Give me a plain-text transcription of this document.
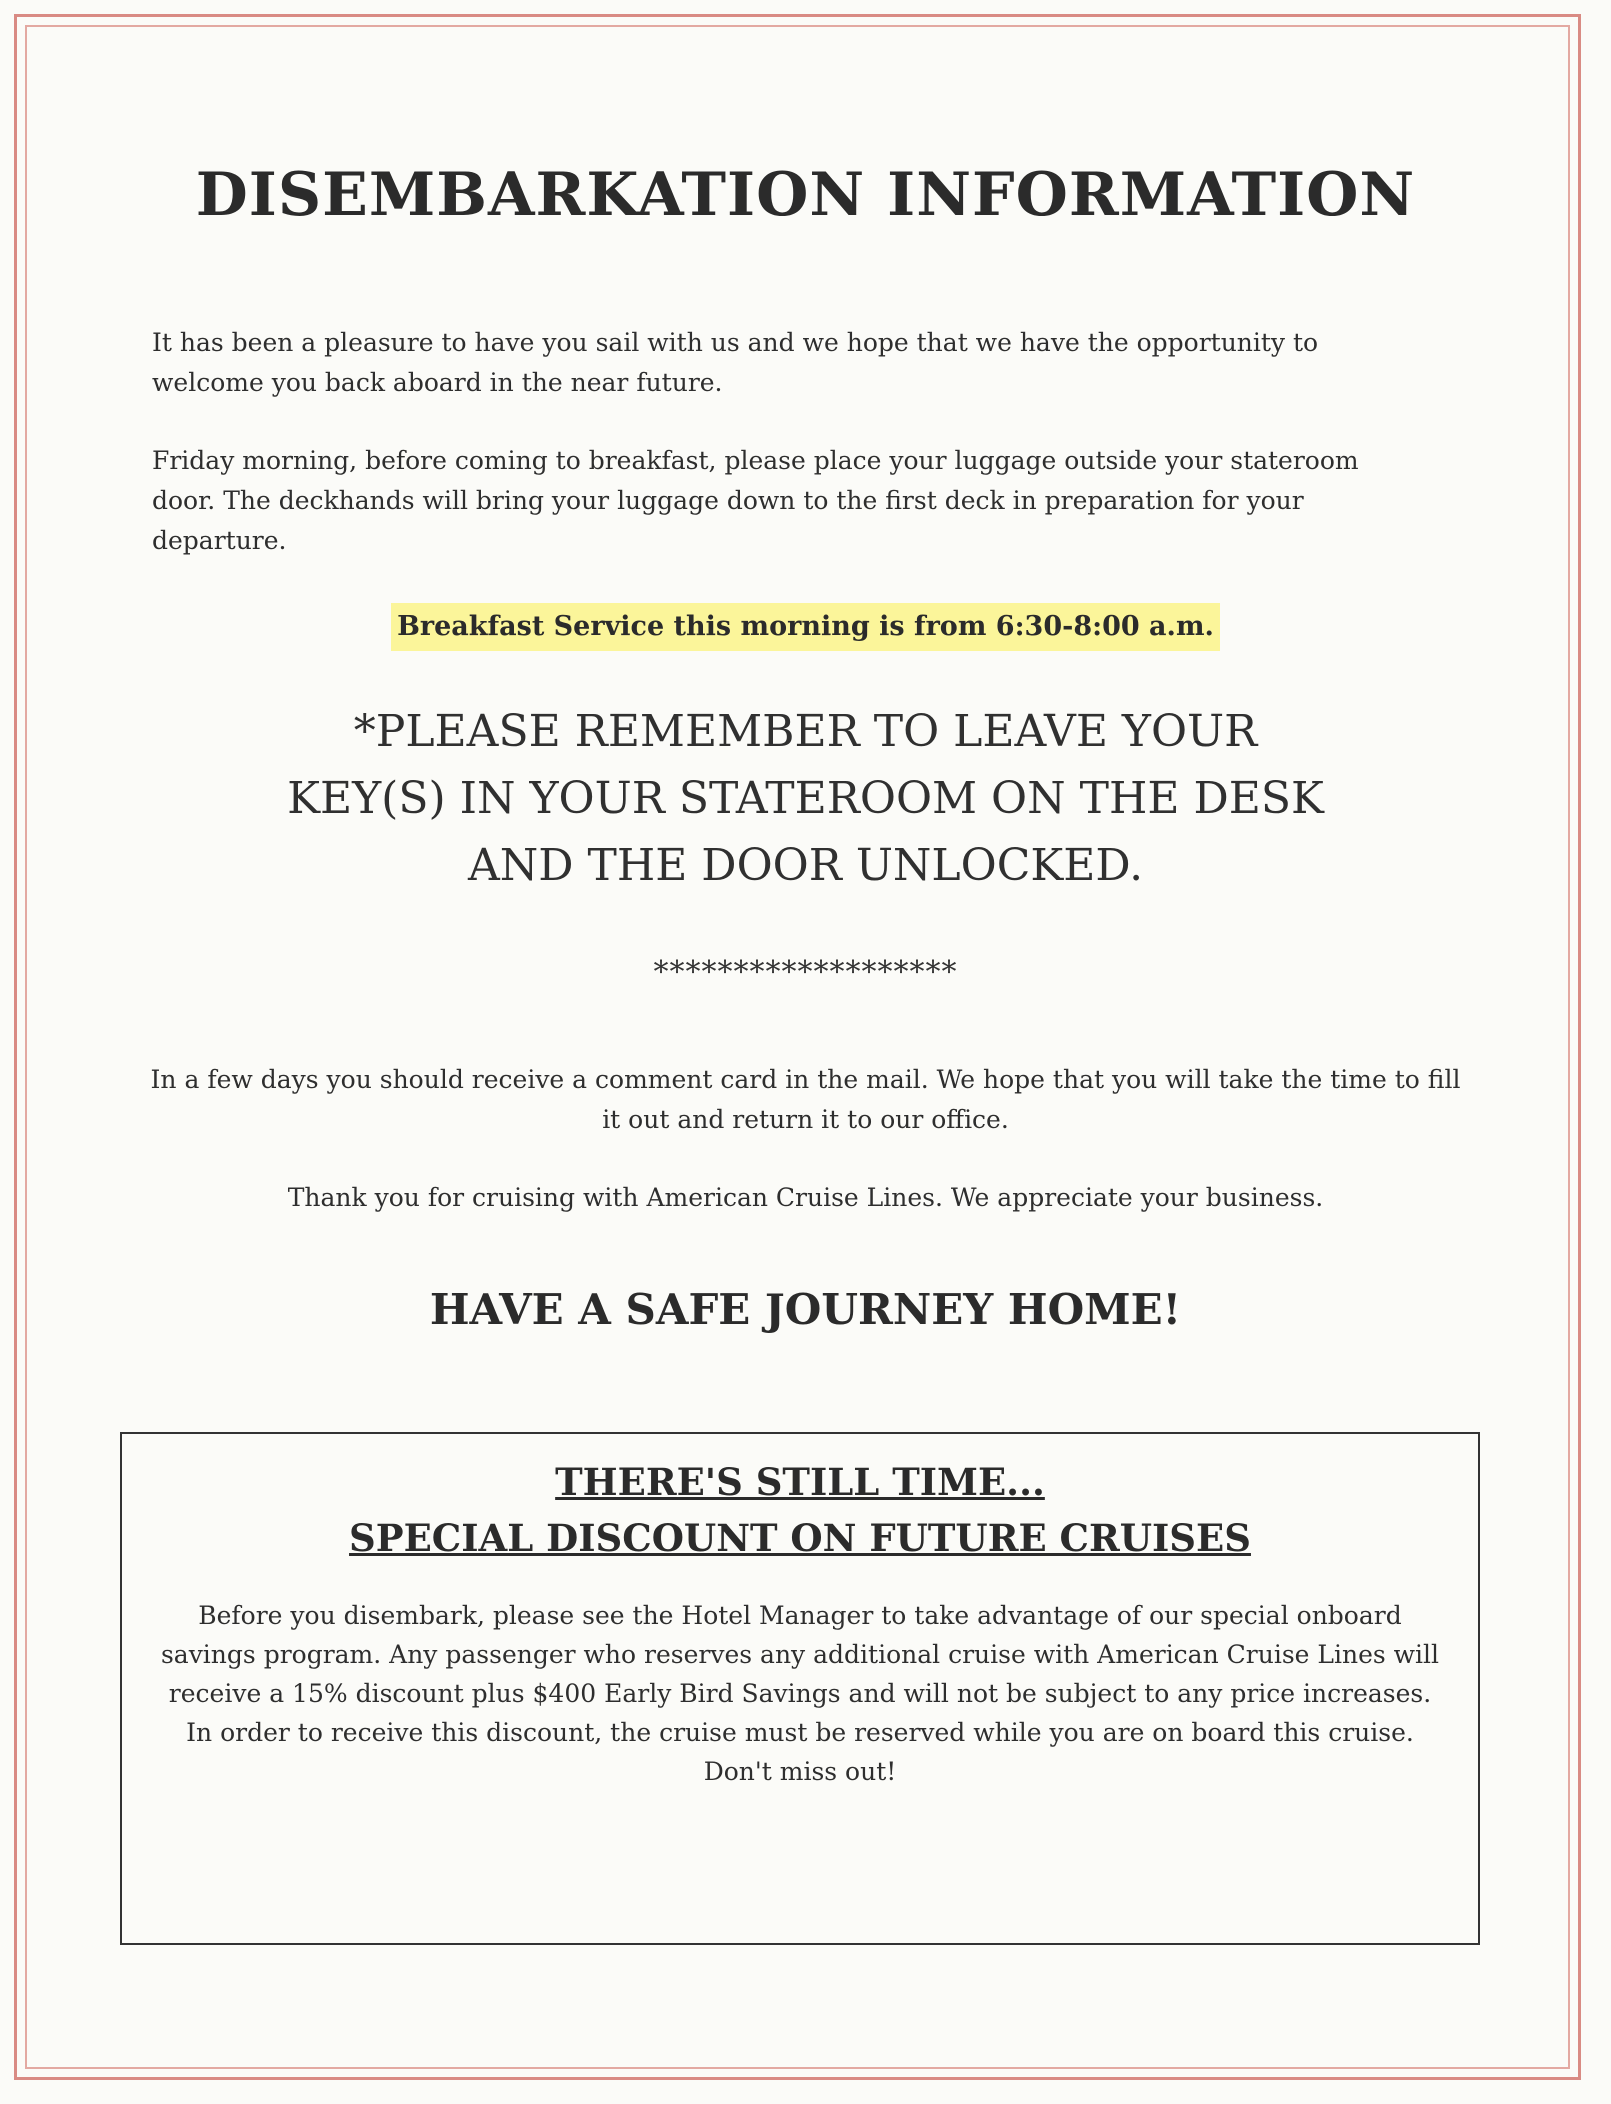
DISEMBARKATION INFORMATION

It has been a pleasure to have you sail with us and we hope that we have the opportunity to welcome you back aboard in the near future.

Friday morning, before coming to breakfast, please place your luggage outside your stateroom door. The deckhands will bring your luggage down to the first deck in preparation for your departure.

Breakfast Service this morning is from 6:30-8:00 a.m.
*PLEASE REMEMBER TO LEAVE YOUR
KEY(S) IN YOUR STATEROOM ON THE DESK
AND THE DOOR UNLOCKED.
*******************

In a few days you should receive a comment card in the mail. We hope that you will take the time to fill it out and return it to our office.

Thank you for cruising with American Cruise Lines. We appreciate your business.

HAVE A SAFE JOURNEY HOME!
THERE'S STILL TIME...
SPECIAL DISCOUNT ON FUTURE CRUISES

Before you disembark, please see the Hotel Manager to take advantage of our special onboard savings program. Any passenger who reserves any additional cruise with American Cruise Lines will receive a 15% discount plus $400 Early Bird Savings and will not be subject to any price increases. In order to receive this discount, the cruise must be reserved while you are on board this cruise. Don't miss out!
